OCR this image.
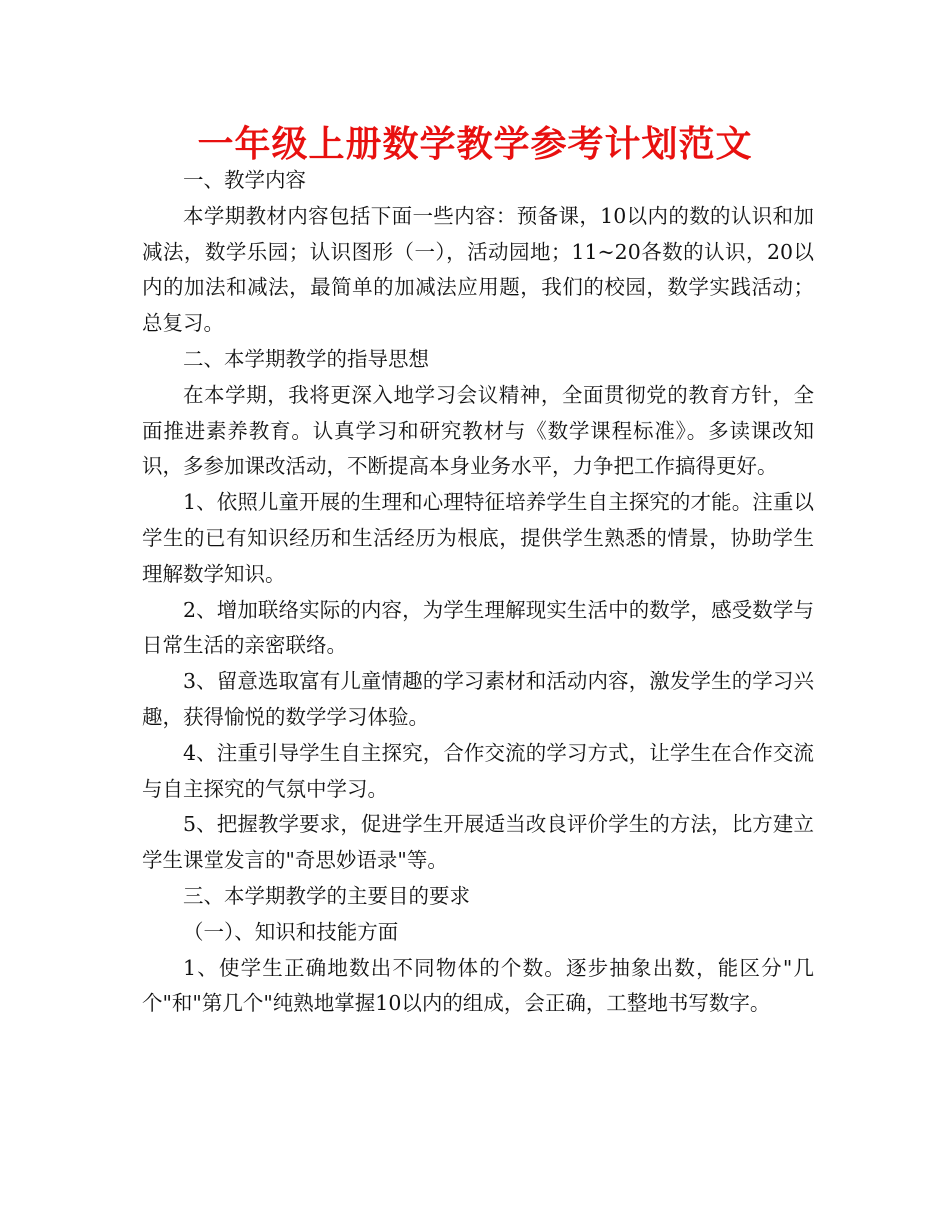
一年级上册数学教学参考计划范文

一、教学内容

本学期教材内容包括下面一些内容：预备课，10以内的数的认识和加减法，数学乐园；认识图形（一），活动园地；11~20各数的认识，20以内的加法和减法，最简单的加减法应用题，我们的校园，数学实践活动；总复习。

二、本学期教学的指导思想

在本学期，我将更深入地学习会议精神，全面贯彻党的教育方针，全面推进素养教育。认真学习和研究教材与《数学课程标准》。多读课改知识，多参加课改活动，不断提高本身业务水平，力争把工作搞得更好。

1、依照儿童开展的生理和心理特征培养学生自主探究的才能。注重以学生的已有知识经历和生活经历为根底，提供学生熟悉的情景，协助学生理解数学知识。

2、增加联络实际的内容，为学生理解现实生活中的数学，感受数学与日常生活的亲密联络。

3、留意选取富有儿童情趣的学习素材和活动内容，激发学生的学习兴趣，获得愉悦的数学学习体验。

4、注重引导学生自主探究，合作交流的学习方式，让学生在合作交流与自主探究的气氛中学习。

5、把握教学要求，促进学生开展适当改良评价学生的方法，比方建立学生课堂发言的"奇思妙语录"等。

三、本学期教学的主要目的要求

（一）、知识和技能方面

1、使学生正确地数出不同物体的个数。逐步抽象出数，能区分"几个"和"第几个"纯熟地掌握10以内的组成，会正确，工整地书写数字。
